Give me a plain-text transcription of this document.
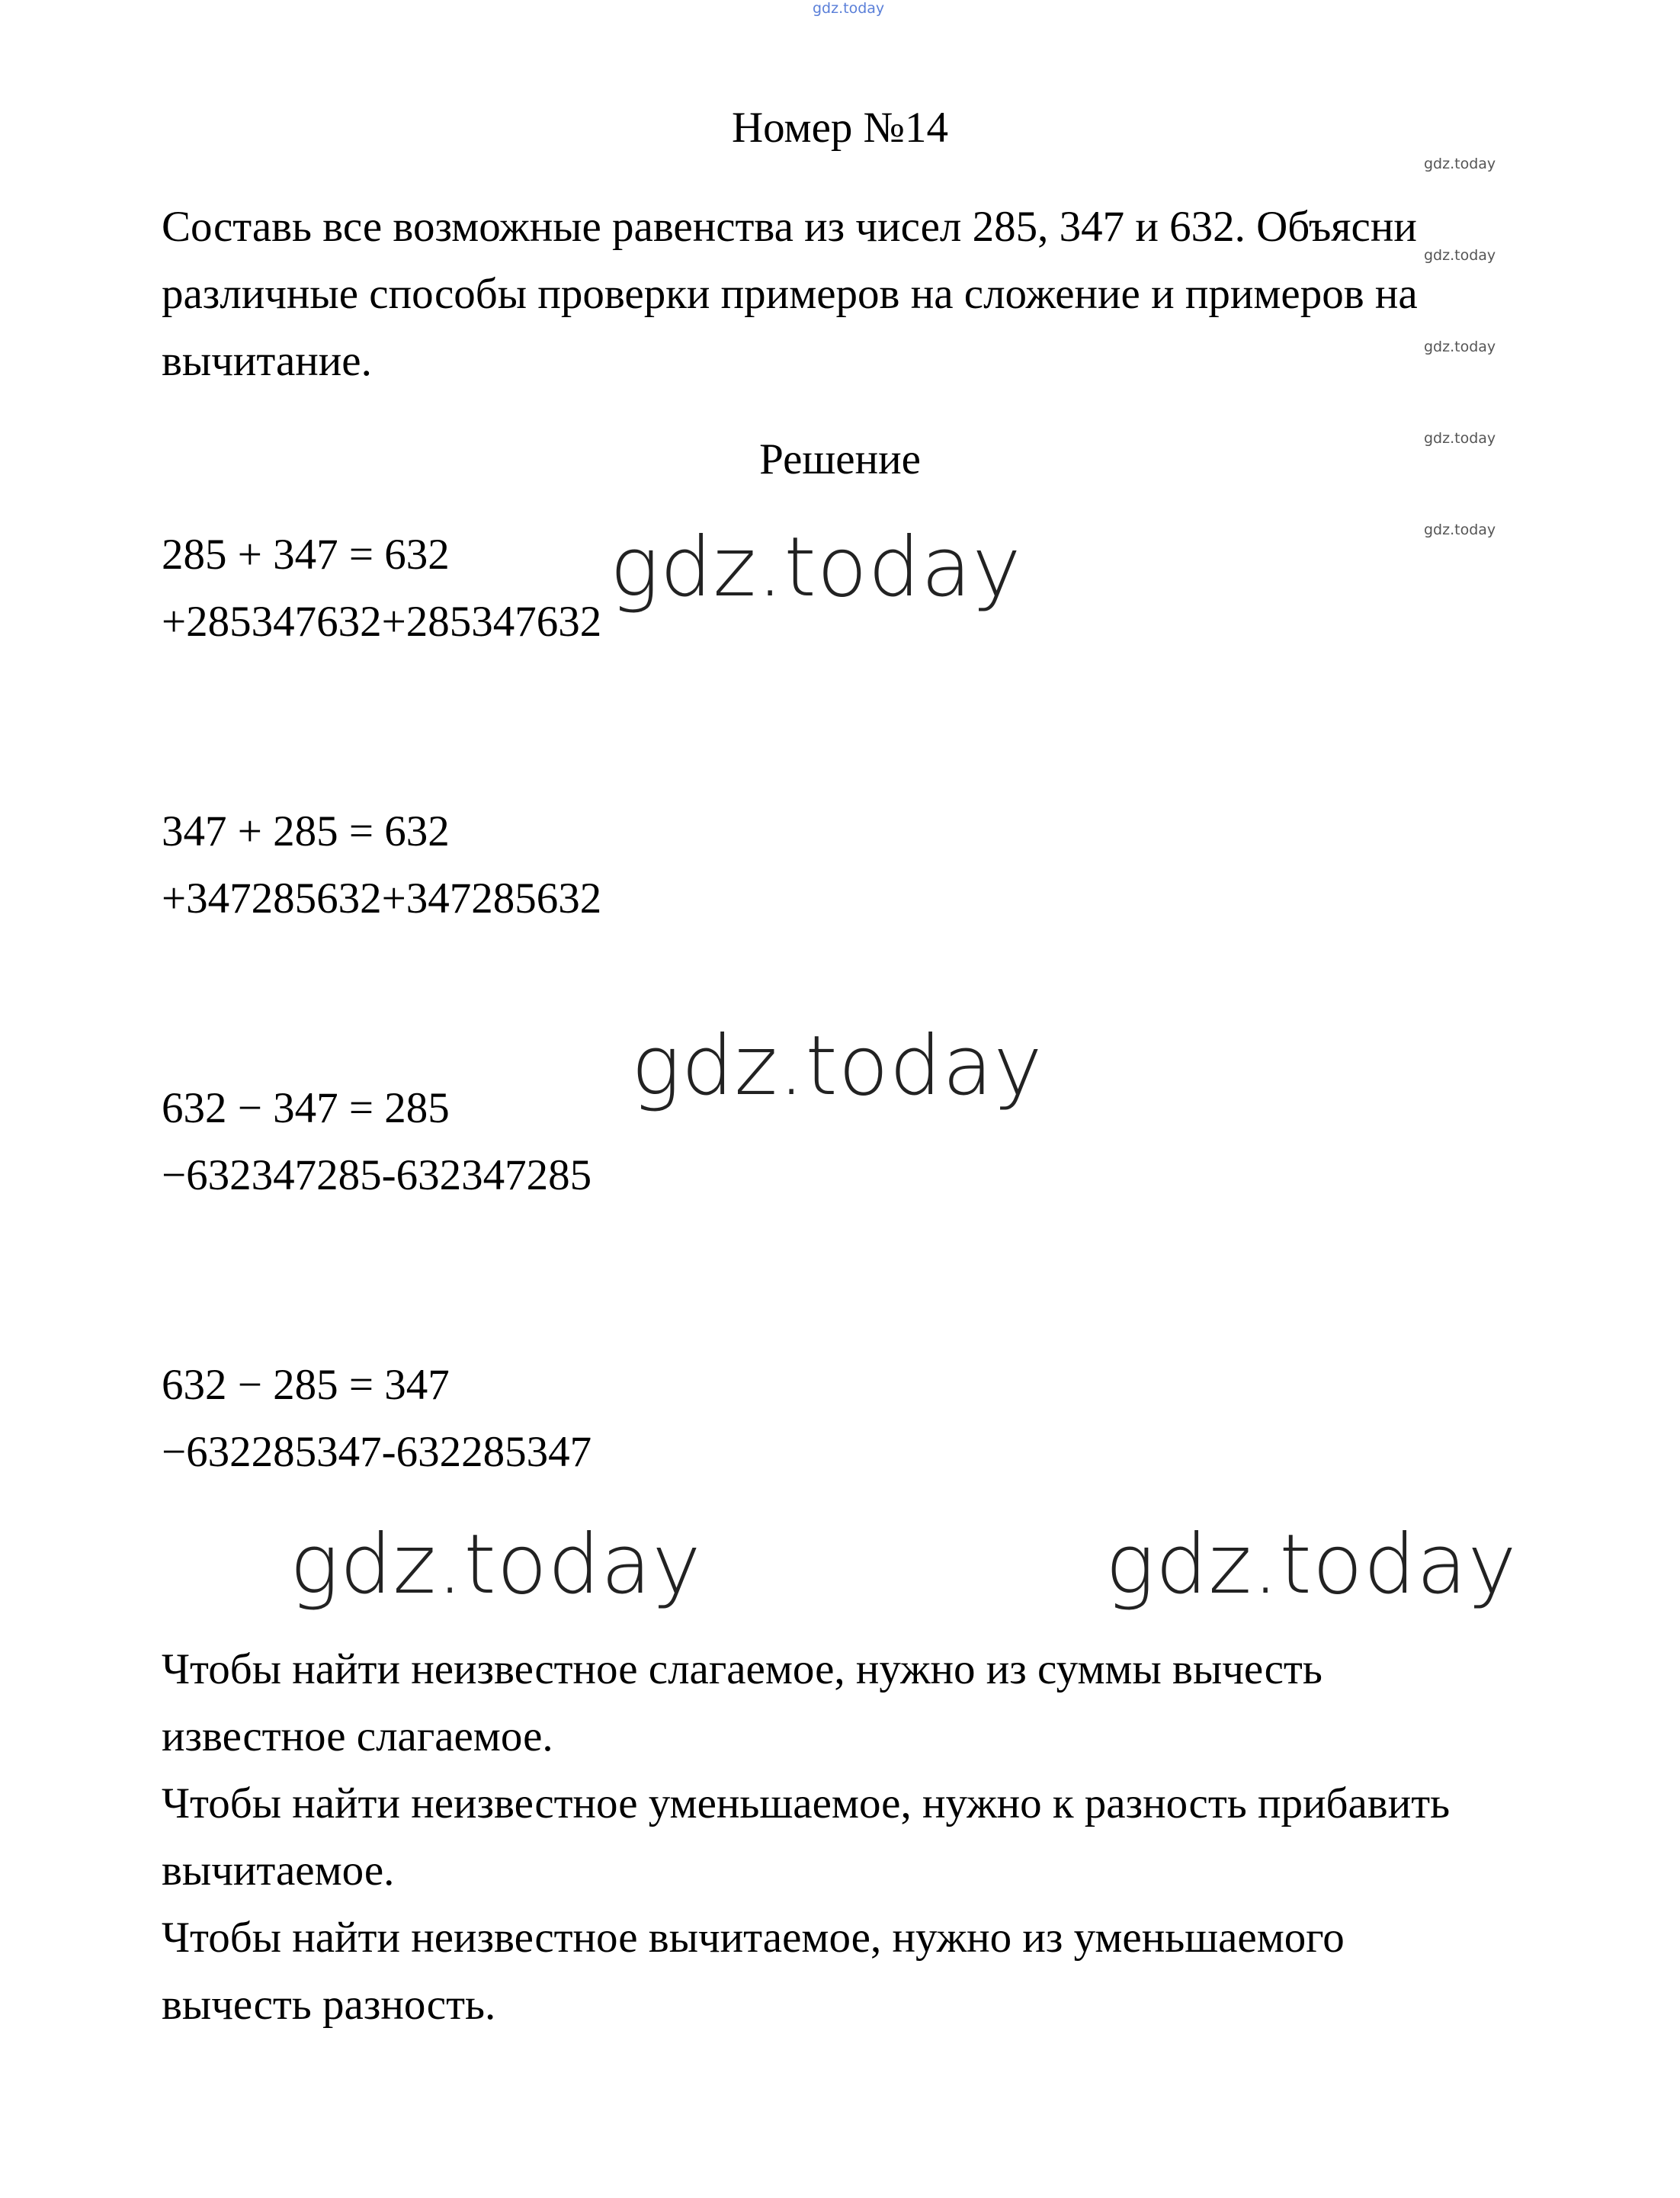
gdz.today
Номер №14
gdz.today
gdz.today
gdz.today
gdz.today
gdz.today
Составь все возможные равенства из чисел 285, 347 и 632. Объясни
различные способы проверки примеров на сложение и примеров на
вычитание.
Решение
285 + 347 = 632
+285347632+285347632
347 + 285 = 632
+347285632+347285632
632 − 347 = 285
−632347285-632347285
632 − 285 = 347
−632285347-632285347
gdz.today
gdz.today
gdz.today	gdz.today
Чтобы найти неизвестное слагаемое, нужно из суммы вычесть
известное слагаемое.
Чтобы найти неизвестное уменьшаемое, нужно к разность прибавить
вычитаемое.
Чтобы найти неизвестное вычитаемое, нужно из уменьшаемого
вычесть разность.
